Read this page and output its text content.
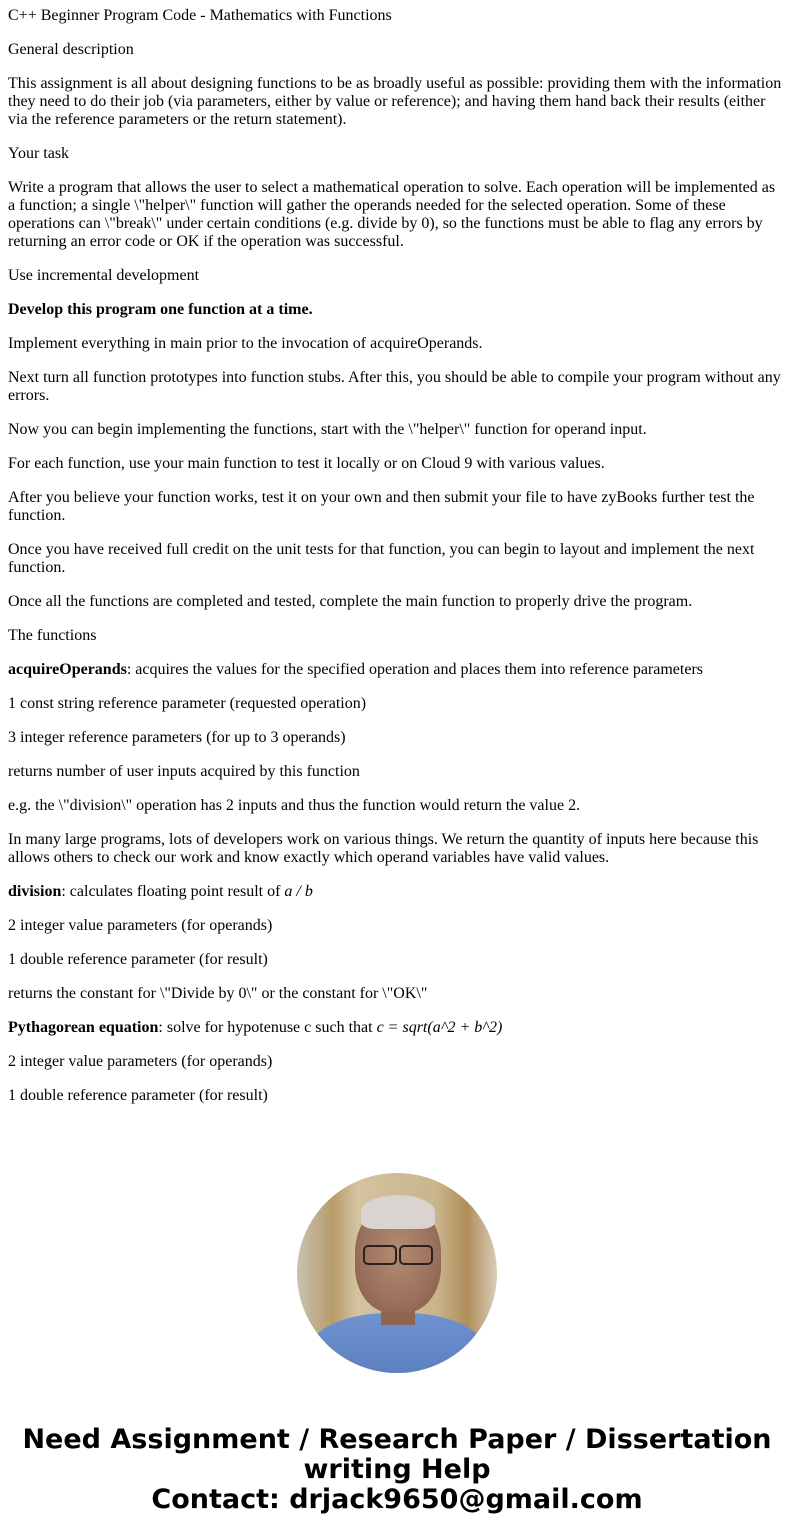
C++ Beginner Program Code - Mathematics with Functions

General description

This assignment is all about designing functions to be as broadly useful as possible: providing them with the information they need to do their job (via parameters, either by value or reference); and having them hand back their results (either via the reference parameters or the return statement).

Your task

Write a program that allows the user to select a mathematical operation to solve. Each operation will be implemented as a function; a single \"helper\" function will gather the operands needed for the selected operation. Some of these operations can \"break\" under certain conditions (e.g. divide by 0), so the functions must be able to flag any errors by returning an error code or OK if the operation was successful.

Use incremental development

Develop this program one function at a time.

Implement everything in main prior to the invocation of acquireOperands.

Next turn all function prototypes into function stubs. After this, you should be able to compile your program without any errors.

Now you can begin implementing the functions, start with the \"helper\" function for operand input.

For each function, use your main function to test it locally or on Cloud 9 with various values.

After you believe your function works, test it on your own and then submit your file to have zyBooks further test the function.

Once you have received full credit on the unit tests for that function, you can begin to layout and implement the next function.

Once all the functions are completed and tested, complete the main function to properly drive the program.

The functions

acquireOperands: acquires the values for the specified operation and places them into reference parameters

1 const string reference parameter (requested operation)

3 integer reference parameters (for up to 3 operands)

returns number of user inputs acquired by this function

e.g. the \"division\" operation has 2 inputs and thus the function would return the value 2.

In many large programs, lots of developers work on various things. We return the quantity of inputs here because this allows others to check our work and know exactly which operand variables have valid values.

division: calculates floating point result of a / b

2 integer value parameters (for operands)

1 double reference parameter (for result)

returns the constant for \"Divide by 0\" or the constant for \"OK\"

Pythagorean equation: solve for hypotenuse c such that c = sqrt(a^2 + b^2)

2 integer value parameters (for operands)

1 double reference parameter (for result)

Need Assignment / Research Paper / Dissertation writing Help
Contact: drjack9650@gmail.com
